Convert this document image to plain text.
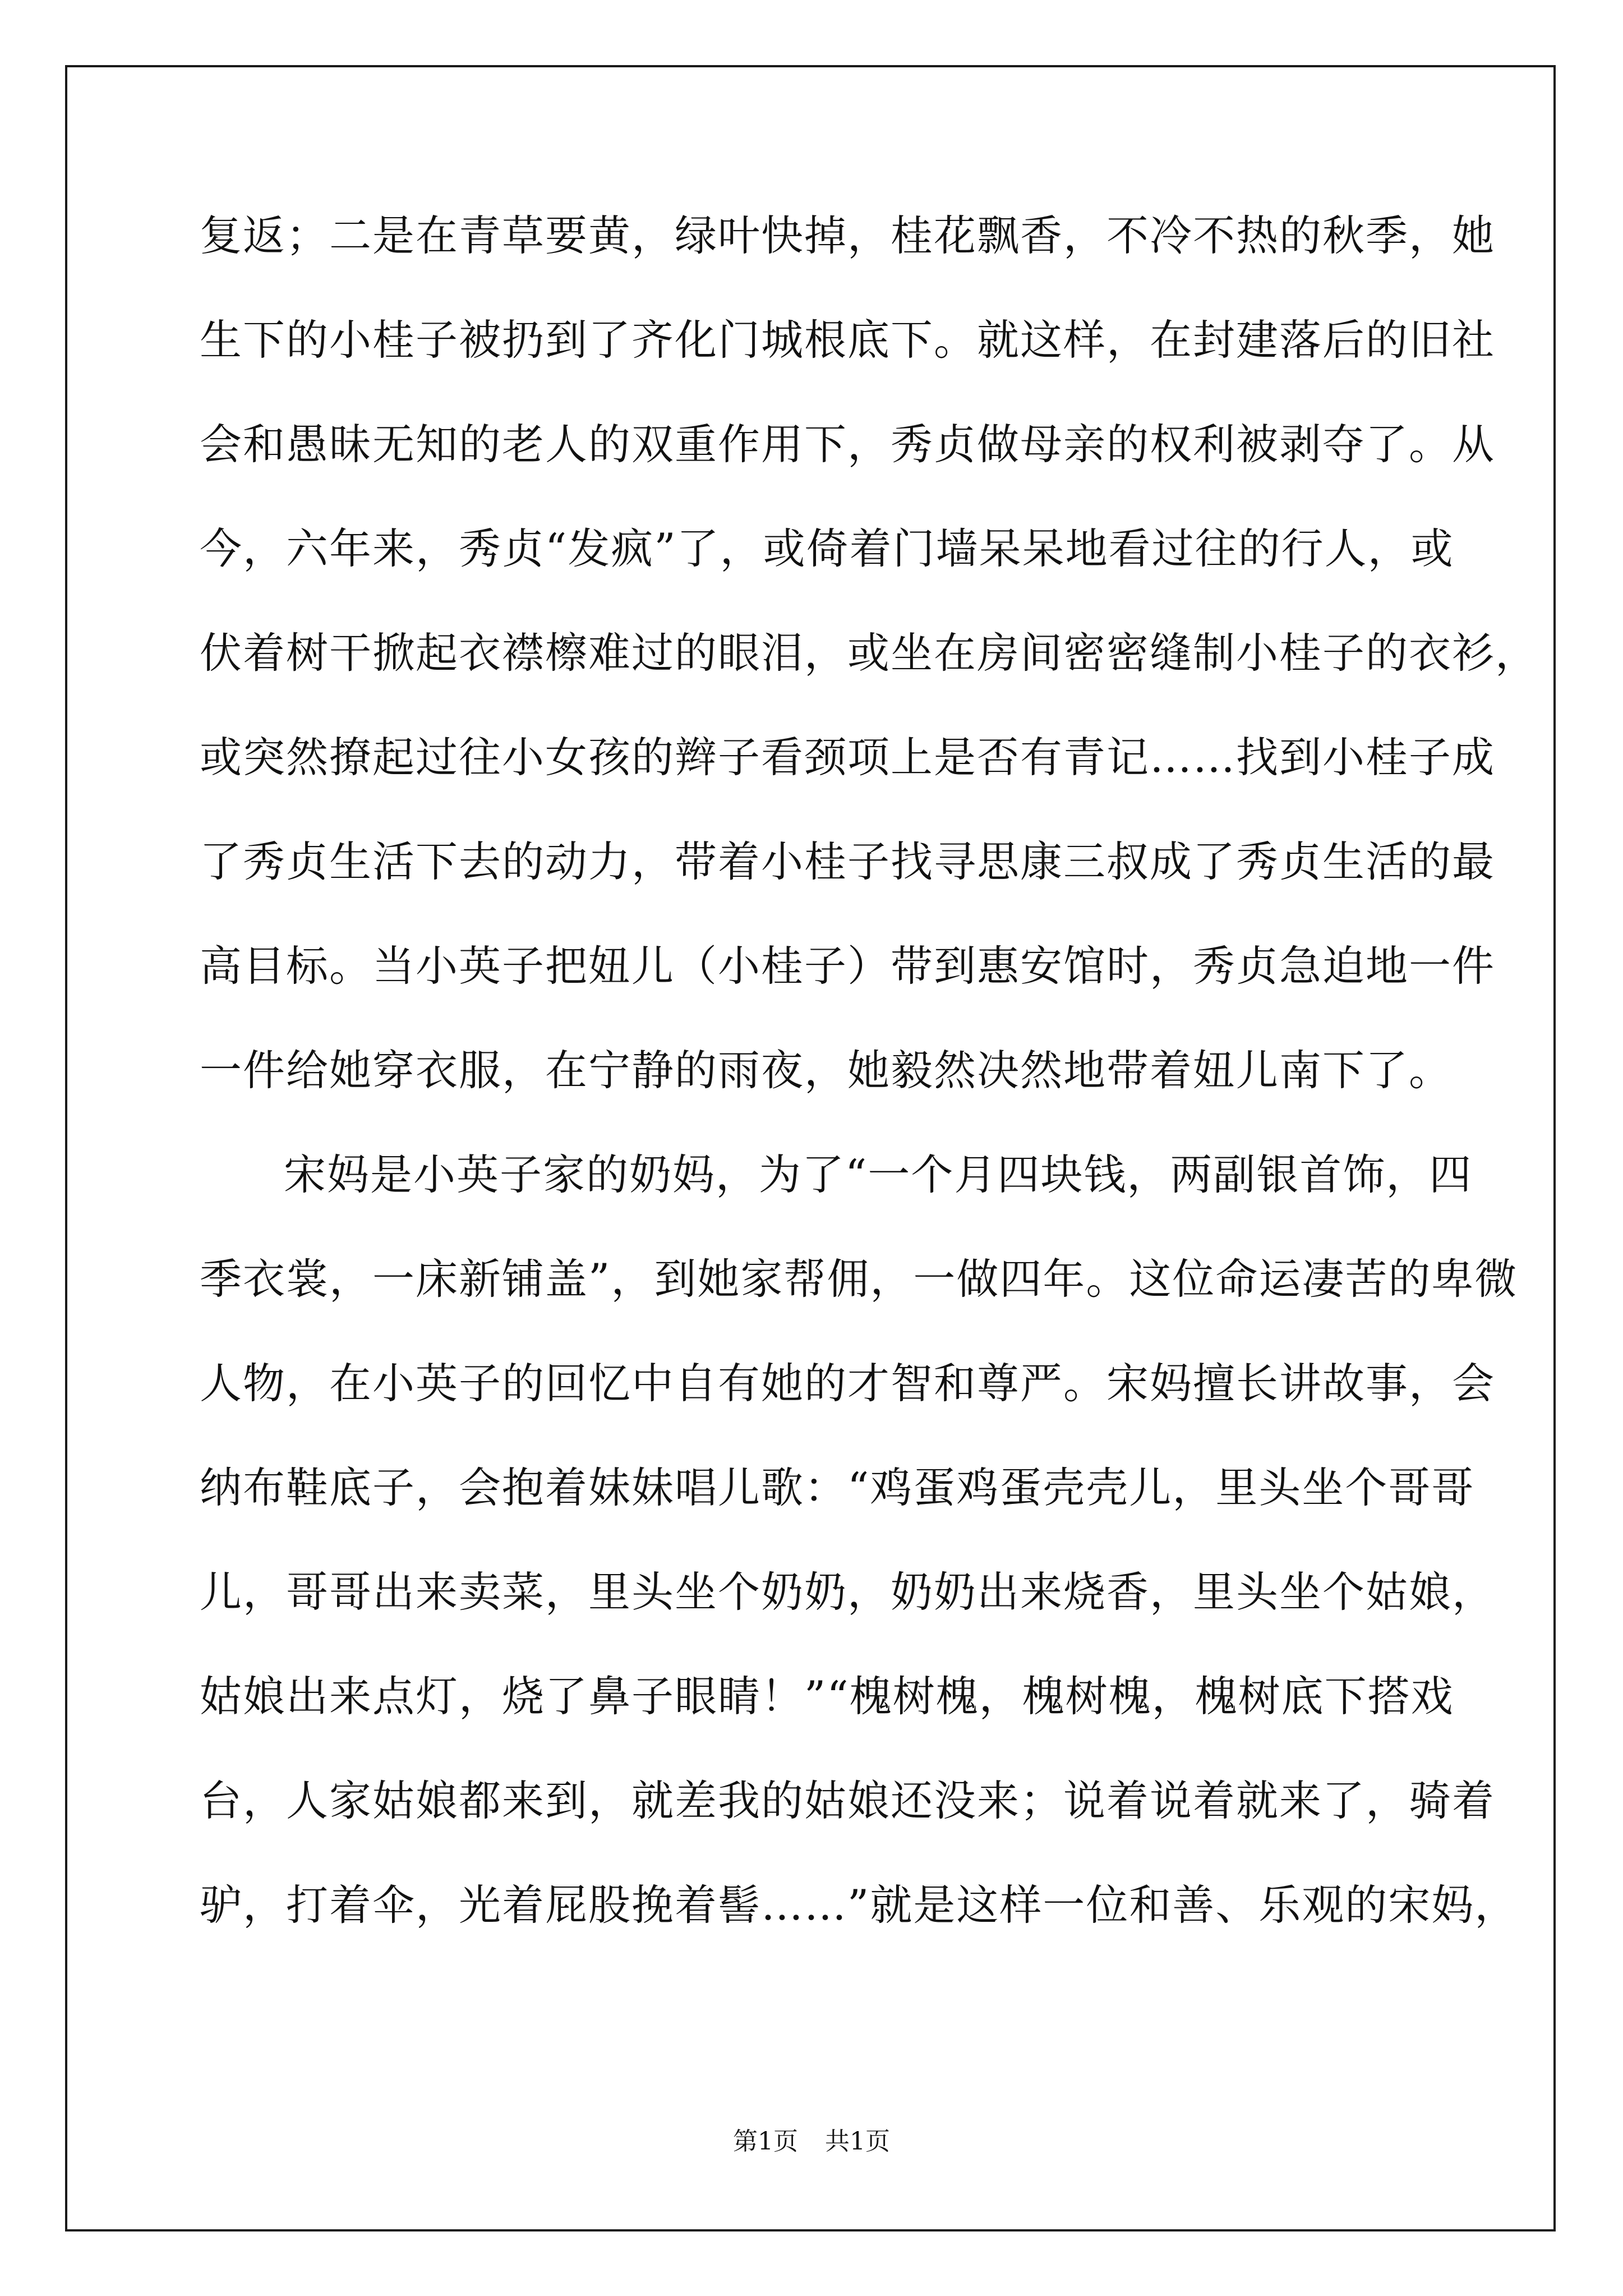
复返；二是在青草要黄，绿叶快掉，桂花飘香，不冷不热的秋季，她
生下的小桂子被扔到了齐化门城根底下。就这样，在封建落后的旧社
会和愚昧无知的老人的双重作用下，秀贞做母亲的权利被剥夺了。从
今，六年来，秀贞“发疯”了，或倚着门墙呆呆地看过往的行人，或
伏着树干掀起衣襟檫难过的眼泪，或坐在房间密密缝制小桂子的衣衫，
或突然撩起过往小女孩的辫子看颈项上是否有青记……找到小桂子成
了秀贞生活下去的动力，带着小桂子找寻思康三叔成了秀贞生活的最
高目标。当小英子把妞儿（小桂子）带到惠安馆时，秀贞急迫地一件
一件给她穿衣服，在宁静的雨夜，她毅然决然地带着妞儿南下了。
宋妈是小英子家的奶妈，为了“一个月四块钱，两副银首饰，四
季衣裳，一床新铺盖”，到她家帮佣，一做四年。这位命运凄苦的卑微
人物，在小英子的回忆中自有她的才智和尊严。宋妈擅长讲故事，会
纳布鞋底子，会抱着妹妹唱儿歌：“鸡蛋鸡蛋壳壳儿，里头坐个哥哥
儿，哥哥出来卖菜，里头坐个奶奶，奶奶出来烧香，里头坐个姑娘，
姑娘出来点灯，烧了鼻子眼睛！”“槐树槐，槐树槐，槐树底下搭戏
台，人家姑娘都来到，就差我的姑娘还没来；说着说着就来了，骑着
驴，打着伞，光着屁股挽着髻……”就是这样一位和善、乐观的宋妈，
第1页 共1页
